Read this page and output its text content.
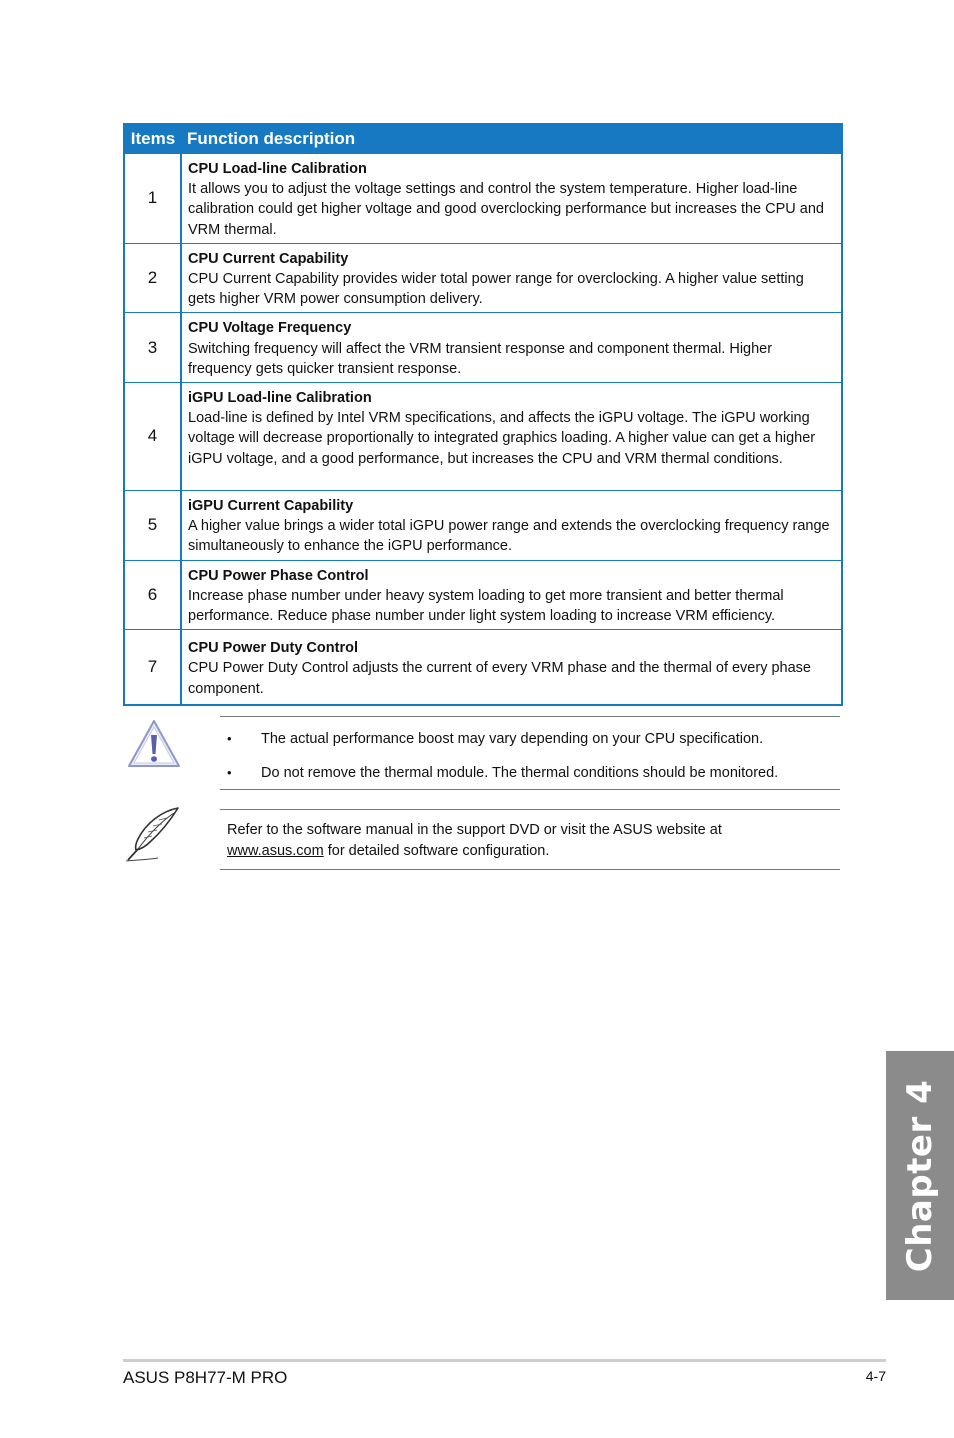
Items	Function description
1	CPU Load-line Calibration
It allows you to adjust the voltage settings and control the system temperature. Higher load-line calibration could get higher voltage and good overclocking performance but increases the CPU and VRM thermal.

2	CPU Current Capability
CPU Current Capability provides wider total power range for overclocking. A higher value setting gets higher VRM power consumption delivery.

3	CPU Voltage Frequency
Switching frequency will affect the VRM transient response and component thermal. Higher frequency gets quicker transient response.

4	iGPU Load-line Calibration
Load-line is defined by Intel VRM specifications, and affects the iGPU voltage. The iGPU working voltage will decrease proportionally to integrated graphics loading. A higher value can get a higher iGPU voltage, and a good performance, but increases the CPU and VRM thermal conditions.

5	iGPU Current Capability
A higher value brings a wider total iGPU power range and extends the overclocking frequency range simultaneously to enhance the iGPU performance.

6	CPU Power Phase Control
Increase phase number under heavy system loading to get more transient and better thermal performance. Reduce phase number under light system loading to increase VRM efficiency.

7	CPU Power Duty Control
CPU Power Duty Control adjusts the current of every VRM phase and the thermal of every phase component.
• The actual performance boost may vary depending on your CPU specification.
• Do not remove the thermal module. The thermal conditions should be monitored.
Refer to the software manual in the support DVD or visit the ASUS website at
www.asus.com for detailed software configuration.
Chapter 4
ASUS P8H77-M PRO	4-7
